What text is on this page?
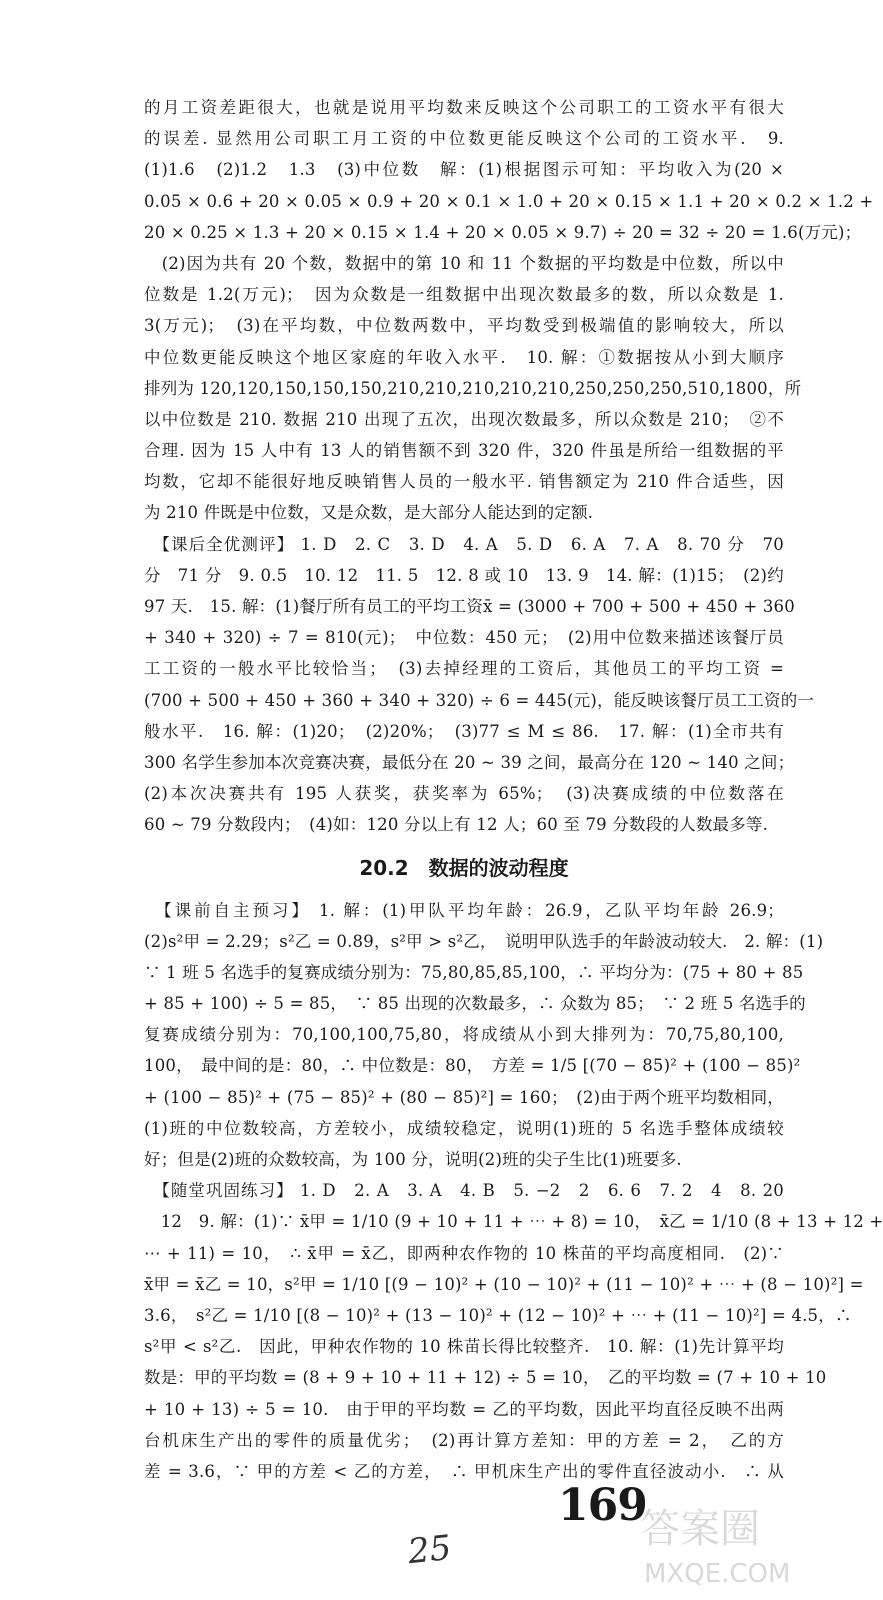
的月工资差距很大，也就是说用平均数来反映这个公司职工的工资水平有很大
的误差. 显然用公司职工月工资的中位数更能反映这个公司的工资水平.　9.
(1)1.6　(2)1.2　1.3　(3)中位数　解：(1)根据图示可知：平均收入为(20 ×
0.05 × 0.6 + 20 × 0.05 × 0.9 + 20 × 0.1 × 1.0 + 20 × 0.15 × 1.1 + 20 × 0.2 × 1.2 +
20 × 0.25 × 1.3 + 20 × 0.15 × 1.4 + 20 × 0.05 × 9.7) ÷ 20 = 32 ÷ 20 = 1.6(万元)；
　(2)因为共有 20 个数，数据中的第 10 和 11 个数据的平均数是中位数，所以中
位数是 1.2(万元)；　因为众数是一组数据中出现次数最多的数，所以众数是 1.
3(万元)；　(3)在平均数，中位数两数中，平均数受到极端值的影响较大，所以
中位数更能反映这个地区家庭的年收入水平.　10. 解：①数据按从小到大顺序
排列为 120,120,150,150,150,210,210,210,210,210,250,250,250,510,1800，所
以中位数是 210. 数据 210 出现了五次，出现次数最多，所以众数是 210；　②不
合理. 因为 15 人中有 13 人的销售额不到 320 件，320 件虽是所给一组数据的平
均数，它却不能很好地反映销售人员的一般水平. 销售额定为 210 件合适些，因
为 210 件既是中位数，又是众数，是大部分人能达到的定额.
　【课后全优测评】 1. D　2. C　3. D　4. A　5. D　6. A　7. A　8. 70 分　70
分　71 分　9. 0.5　10. 12　11. 5　12. 8 或 10　13. 9　14. 解：(1)15；　(2)约
97 天.　15. 解：(1)餐厅所有员工的平均工资x̄ = (3000 + 700 + 500 + 450 + 360
+ 340 + 320) ÷ 7 = 810(元)；　中位数：450 元；　(2)用中位数来描述该餐厅员
工工资的一般水平比较恰当；　(3)去掉经理的工资后，其他员工的平均工资 =
(700 + 500 + 450 + 360 + 340 + 320) ÷ 6 = 445(元)，能反映该餐厅员工工资的一
般水平.　16. 解：(1)20；　(2)20%；　(3)77 ≤ M ≤ 86.　17. 解：(1)全市共有
300 名学生参加本次竞赛决赛，最低分在 20 ~ 39 之间，最高分在 120 ~ 140 之间；
(2)本次决赛共有 195 人获奖，获奖率为 65%；　(3)决赛成绩的中位数落在
60 ~ 79 分数段内；　(4)如：120 分以上有 12 人；60 至 79 分数段的人数最多等.
20.2　数据的波动程度
　【课前自主预习】 1. 解：(1)甲队平均年龄：26.9，乙队平均年龄 26.9；
(2)s²甲 = 2.29；s²乙 = 0.89，s²甲 > s²乙，　说明甲队选手的年龄波动较大.　2. 解：(1)
∵ 1 班 5 名选手的复赛成绩分别为：75,80,85,85,100，∴ 平均分为：(75 + 80 + 85
+ 85 + 100) ÷ 5 = 85，　∵ 85 出现的次数最多，∴ 众数为 85；　∵ 2 班 5 名选手的
复赛成绩分别为：70,100,100,75,80，将成绩从小到大排列为：70,75,80,100,
100，　最中间的是：80，∴ 中位数是：80，　方差 = 1/5 [(70 − 85)² + (100 − 85)²
+ (100 − 85)² + (75 − 85)² + (80 − 85)²] = 160；　(2)由于两个班平均数相同，
(1)班的中位数较高，方差较小，成绩较稳定，说明(1)班的 5 名选手整体成绩较
好；但是(2)班的众数较高，为 100 分，说明(2)班的尖子生比(1)班要多.
　【随堂巩固练习】 1. D　2. A　3. A　4. B　5. −2　2　6. 6　7. 2　4　8. 20
　12　9. 解：(1)∵ x̄甲 = 1/10 (9 + 10 + 11 + ⋯ + 8) = 10，　x̄乙 = 1/10 (8 + 13 + 12 +
⋯ + 11) = 10，　∴ x̄甲 = x̄乙，即两种农作物的 10 株苗的平均高度相同.　(2)∵
x̄甲 = x̄乙 = 10，s²甲 = 1/10 [(9 − 10)² + (10 − 10)² + (11 − 10)² + ⋯ + (8 − 10)²] =
3.6，　s²乙 = 1/10 [(8 − 10)² + (13 − 10)² + (12 − 10)² + ⋯ + (11 − 10)²] = 4.5，∴
s²甲 < s²乙.　因此，甲种农作物的 10 株苗长得比较整齐.　10. 解：(1)先计算平均
数是：甲的平均数 = (8 + 9 + 10 + 11 + 12) ÷ 5 = 10，　乙的平均数 = (7 + 10 + 10
+ 10 + 13) ÷ 5 = 10.　由于甲的平均数 = 乙的平均数，因此平均直径反映不出两
台机床生产出的零件的质量优劣；　(2)再计算方差知：甲的方差 = 2，　乙的方
差 = 3.6，∵ 甲的方差 < 乙的方差，　∴ 甲机床生产出的零件直径波动小.　∴ 从
169
25	答案圈
MXQE.COM
